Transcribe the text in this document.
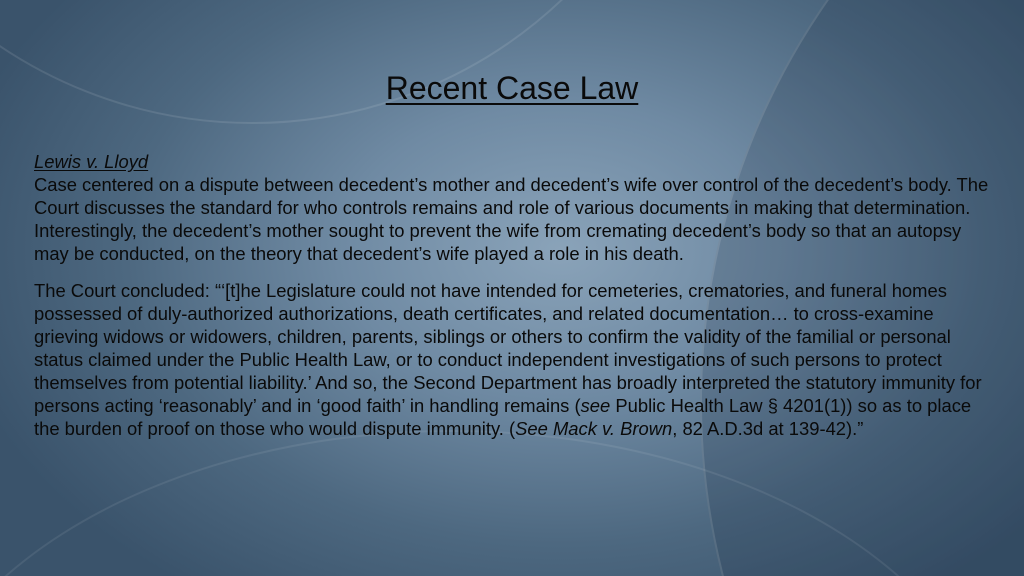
Recent Case Law
Lewis v. Lloyd

Case centered on a dispute between decedent’s mother and decedent’s wife over control of the decedent’s body. The Court discusses the standard for who controls remains and role of various documents in making that determination. Interestingly, the decedent’s mother sought to prevent the wife from cremating decedent’s body so that an autopsy may be conducted, on the theory that decedent’s wife played a role in his death.

The Court concluded: “‘[t]he Legislature could not have intended for cemeteries, crematories, and funeral homes possessed of duly-authorized authorizations, death certificates, and related documentation… to cross-examine grieving widows or widowers, children, parents, siblings or others to confirm the validity of the familial or personal status claimed under the Public Health Law, or to conduct independent investigations of such persons to protect themselves from potential liability.’ And so, the Second Department has broadly interpreted the statutory immunity for persons acting ‘reasonably’ and in ‘good faith’ in handling remains (see Public Health Law § 4201(1)) so as to place the burden of proof on those who would dispute immunity. (See Mack v. Brown, 82 A.D.3d at 139-42).”
